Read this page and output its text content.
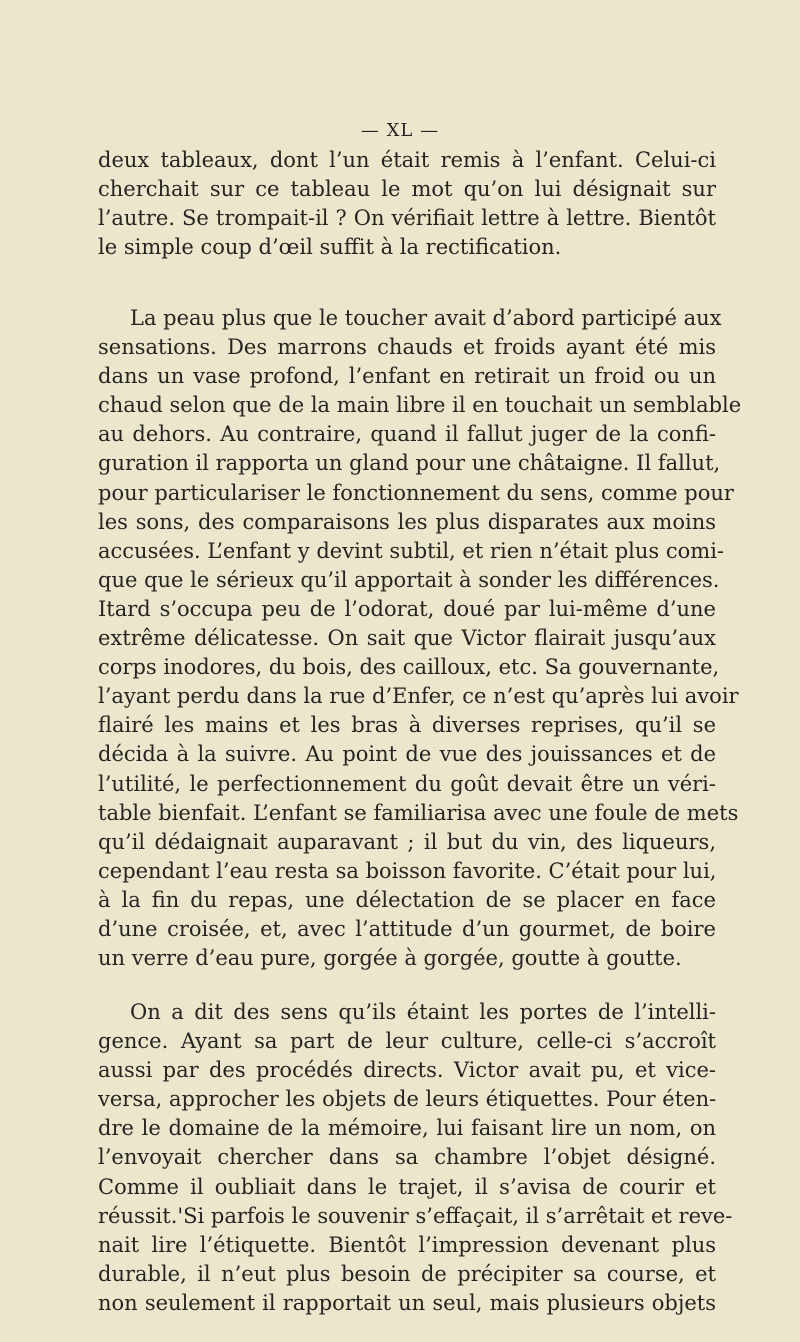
— XL —
deux tableaux, dont l’un était remis à l’enfant. Celui-ci
cherchait sur ce tableau le mot qu’on lui désignait sur
l’autre. Se trompait-il ? On vérifiait lettre à lettre. Bientôt
le simple coup d’œil suffit à la rectification.
La peau plus que le toucher avait d’abord participé aux
sensations. Des marrons chauds et froids ayant été mis
dans un vase profond, l’enfant en retirait un froid ou un
chaud selon que de la main libre il en touchait un semblable
au dehors. Au contraire, quand il fallut juger de la confi-
guration il rapporta un gland pour une châtaigne. Il fallut,
pour particulariser le fonctionnement du sens, comme pour
les sons, des comparaisons les plus disparates aux moins
accusées. L’enfant y devint subtil, et rien n’était plus comi-
que que le sérieux qu’il apportait à sonder les différences.
Itard s’occupa peu de l’odorat, doué par lui-même d’une
extrême délicatesse. On sait que Victor flairait jusqu’aux
corps inodores, du bois, des cailloux, etc. Sa gouvernante,
l’ayant perdu dans la rue d’Enfer, ce n’est qu’après lui avoir
flairé les mains et les bras à diverses reprises, qu’il se
décida à la suivre. Au point de vue des jouissances et de
l’utilité, le perfectionnement du goût devait être un véri-
table bienfait. L’enfant se familiarisa avec une foule de mets
qu’il dédaignait auparavant ; il but du vin, des liqueurs,
cependant l’eau resta sa boisson favorite. C’était pour lui,
à la fin du repas, une délectation de se placer en face
d’une croisée, et, avec l’attitude d’un gourmet, de boire
un verre d’eau pure, gorgée à gorgée, goutte à goutte.
On a dit des sens qu’ils étaint les portes de l’intelli-
gence. Ayant sa part de leur culture, celle-ci s’accroît
aussi par des procédés directs. Victor avait pu, et vice-
versa, approcher les objets de leurs étiquettes. Pour éten-
dre le domaine de la mémoire, lui faisant lire un nom, on
l’envoyait chercher dans sa chambre l’objet désigné.
Comme il oubliait dans le trajet, il s’avisa de courir et
réussit.'Si parfois le souvenir s’effaçait, il s’arrêtait et reve-
nait lire l’étiquette. Bientôt l’impression devenant plus
durable, il n’eut plus besoin de précipiter sa course, et
non seulement il rapportait un seul, mais plusieurs objets
